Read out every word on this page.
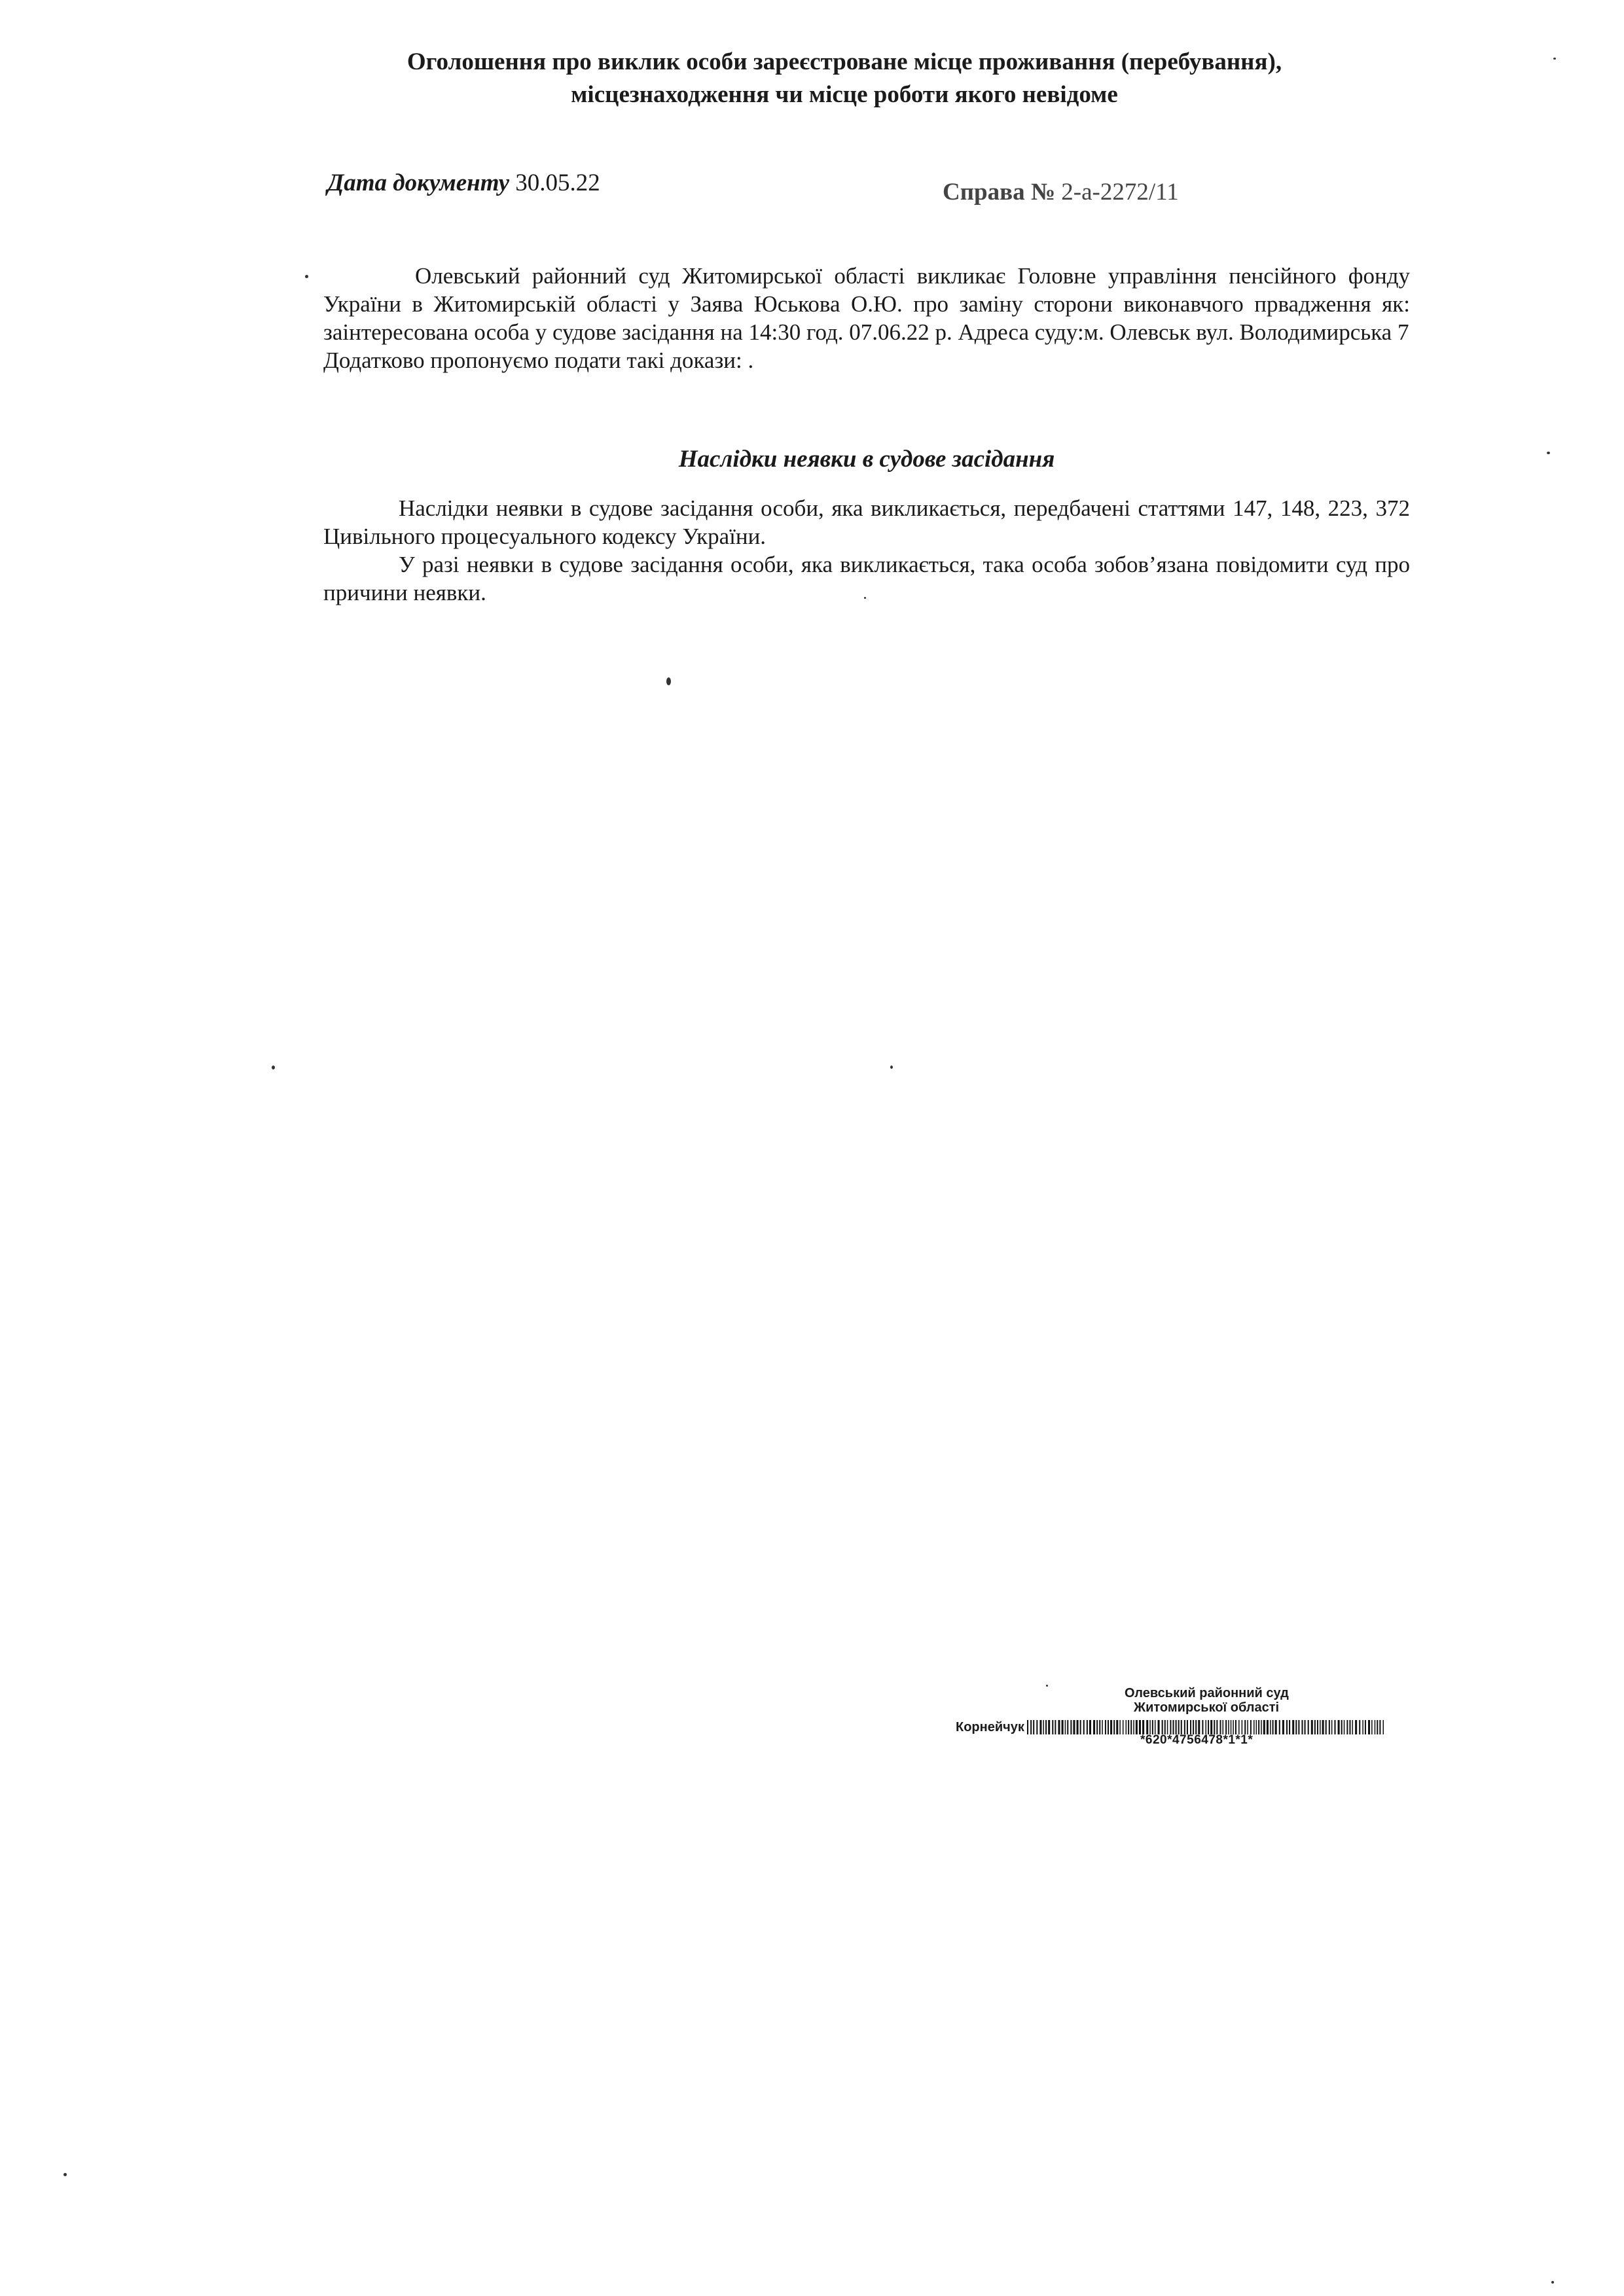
Оголошення про виклик особи зареєстроване місце проживання (перебування),
місцезнаходження чи місце роботи якого невідоме
Дата документу 30.05.22	Справа № 2-а-2272/11

Олевський районний суд Житомирської області викликає Головне управління пенсійного фонду України в Житомирській області у Заява Юськова О.Ю. про заміну сторони виконавчого првадження як: заінтересована особа у судове засідання на 14:30 год. 07.06.22 р. Адреса суду:м. Олевськ вул. Володимирська 7

Додатково пропонуємо подати такі докази: .

Наслідки неявки в судове засідання

Наслідки неявки в судове засідання особи, яка викликається, передбачені статтями 147, 148, 223, 372 Цивільного процесуального кодексу України.

У разі неявки в судове засідання особи, яка викликається, така особа зобов’язана повідомити суд про причини неявки.

Олевський районний суд
Житомирської області
Корнейчук
*620*4756478*1*1*
